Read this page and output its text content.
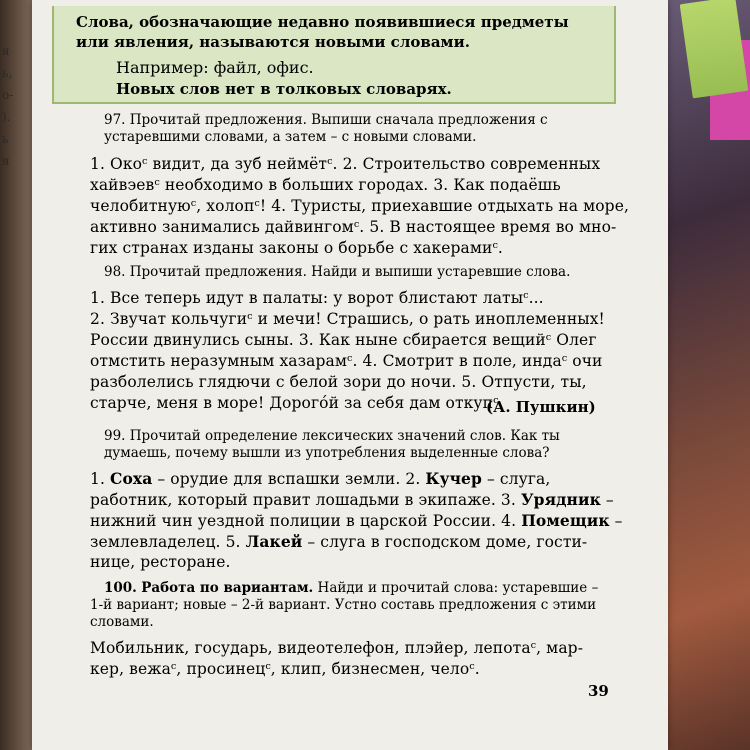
я
ь,
о-
).
ь
я
Слова, обозначающие недавно появившиеся предметы или явления, называются новыми словами.
Например: файл, офис.
Новых слов нет в толковых словарях.
97. Прочитай предложения. Выпиши сначала предложения с устаревшими словами, а затем – с новыми словами.
1. Окоᶜ видит, да зуб неймётᶜ. 2. Строительство современных
хайвэевᶜ необходимо в больших городах. 3. Как подаёшь
челобитнуюᶜ, холопᶜ! 4. Туристы, приехавшие отдыхать на море,
активно занимались дайвингомᶜ. 5. В настоящее время во мно-
гих странах изданы законы о борьбе с хакерамиᶜ.
98. Прочитай предложения. Найди и выпиши устаревшие слова.
1. Все теперь идут в палаты: у ворот блистают латыᶜ...
2. Звучат кольчугиᶜ и мечи! Страшись, о рать иноплеменных!
России двинулись сыны. 3. Как ныне сбирается вещийᶜ Олег
отмстить неразумным хазарамᶜ. 4. Смотрит в поле, индаᶜ очи
разболелись глядючи с белой зори до ночи. 5. Отпусти, ты,
старче, меня в море! Дорого́й за себя дам откупᶜ.
(А. Пушкин)
99. Прочитай определение лексических значений слов. Как ты думаешь, почему вышли из употребления выделенные слова?
1. Соха – орудие для вспашки земли. 2. Кучер – слуга,
работник, который правит лошадьми в экипаже. 3. Урядник –
нижний чин уездной полиции в царской России. 4. Помещик –
землевладелец. 5. Лакей – слуга в господском доме, гости-
нице, ресторане.
100. Работа по вариантам. Найди и прочитай слова: устаревшие – 1-й вариант; новые – 2-й вариант. Устно составь предложения с этими словами.
Мобильник, государь, видеотелефон, плэйер, лепотаᶜ, мар-
кер, вежаᶜ, просинецᶜ, клип, бизнесмен, челоᶜ.
39
